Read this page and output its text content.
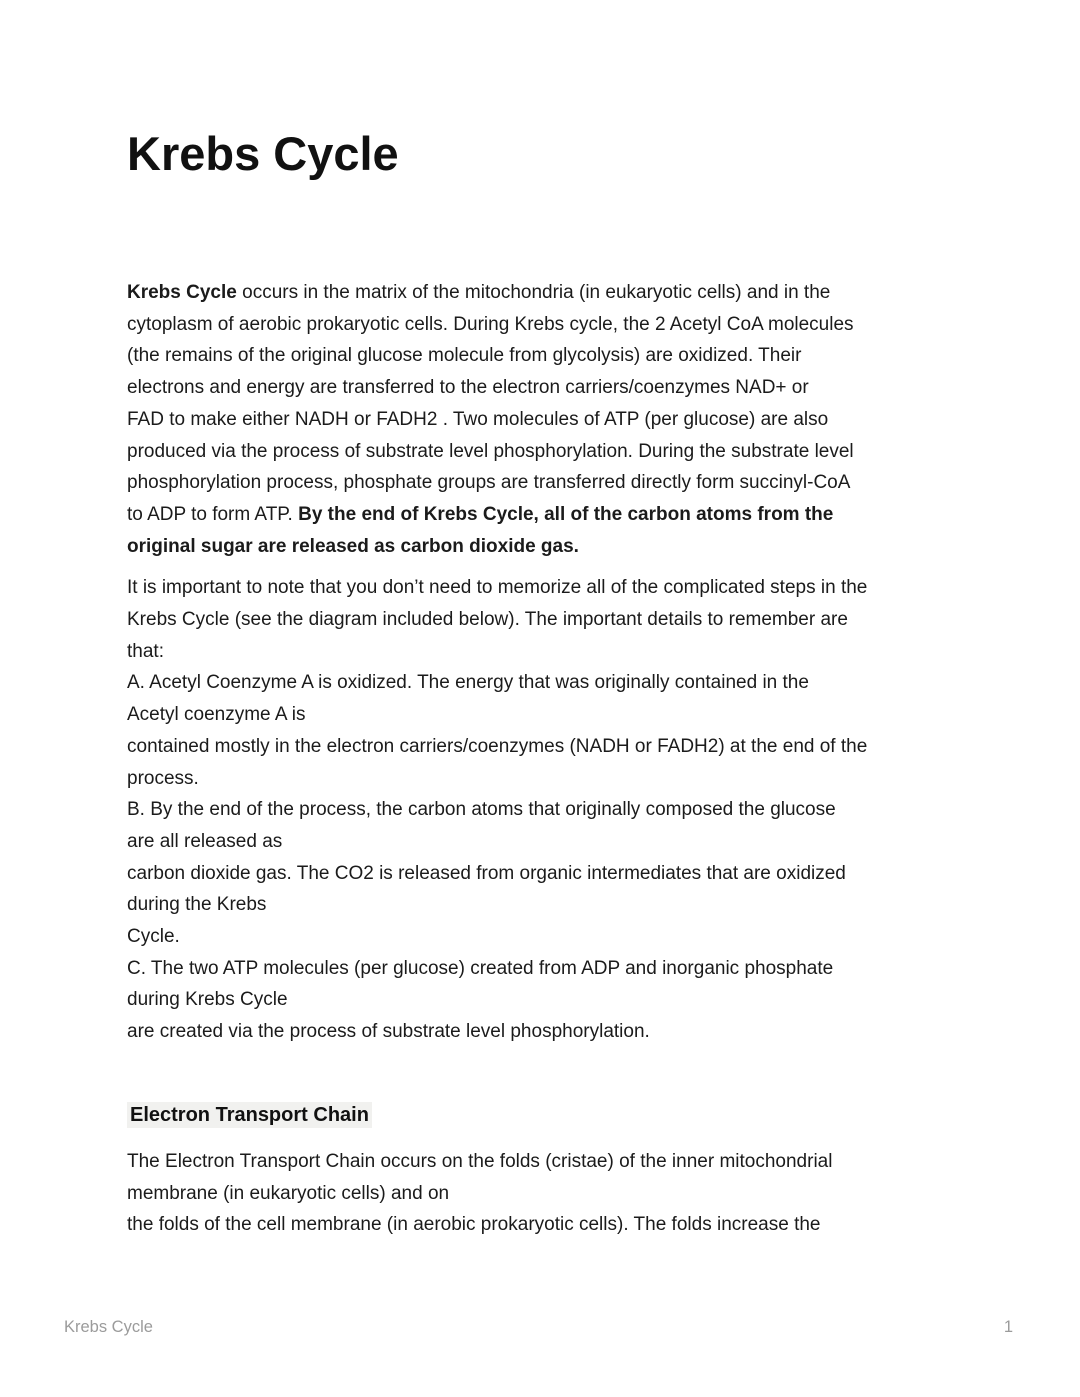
Krebs Cycle

Krebs Cycle occurs in the matrix of the mitochondria (in eukaryotic cells) and in the
cytoplasm of aerobic prokaryotic cells. During Krebs cycle, the 2 Acetyl CoA molecules
(the remains of the original glucose molecule from glycolysis) are oxidized. Their
electrons and energy are transferred to the electron carriers/coenzymes NAD+ or
FAD to make either NADH or FADH2 . Two molecules of ATP (per glucose) are also
produced via the process of substrate level phosphorylation. During the substrate level
phosphorylation process, phosphate groups are transferred directly form succinyl-CoA
to ADP to form ATP. By the end of Krebs Cycle, all of the carbon atoms from the
original sugar are released as carbon dioxide gas.

It is important to note that you don’t need to memorize all of the complicated steps in the
Krebs Cycle (see the diagram included below). The important details to remember are
that:
A. Acetyl Coenzyme A is oxidized. The energy that was originally contained in the
Acetyl coenzyme A is
contained mostly in the electron carriers/coenzymes (NADH or FADH2) at the end of the
process.
B. By the end of the process, the carbon atoms that originally composed the glucose
are all released as
carbon dioxide gas. The CO2 is released from organic intermediates that are oxidized
during the Krebs
Cycle.
C. The two ATP molecules (per glucose) created from ADP and inorganic phosphate
during Krebs Cycle
are created via the process of substrate level phosphorylation.

Electron Transport Chain

The Electron Transport Chain occurs on the folds (cristae) of the inner mitochondrial
membrane (in eukaryotic cells) and on
the folds of the cell membrane (in aerobic prokaryotic cells). The folds increase the

Krebs Cycle	1
